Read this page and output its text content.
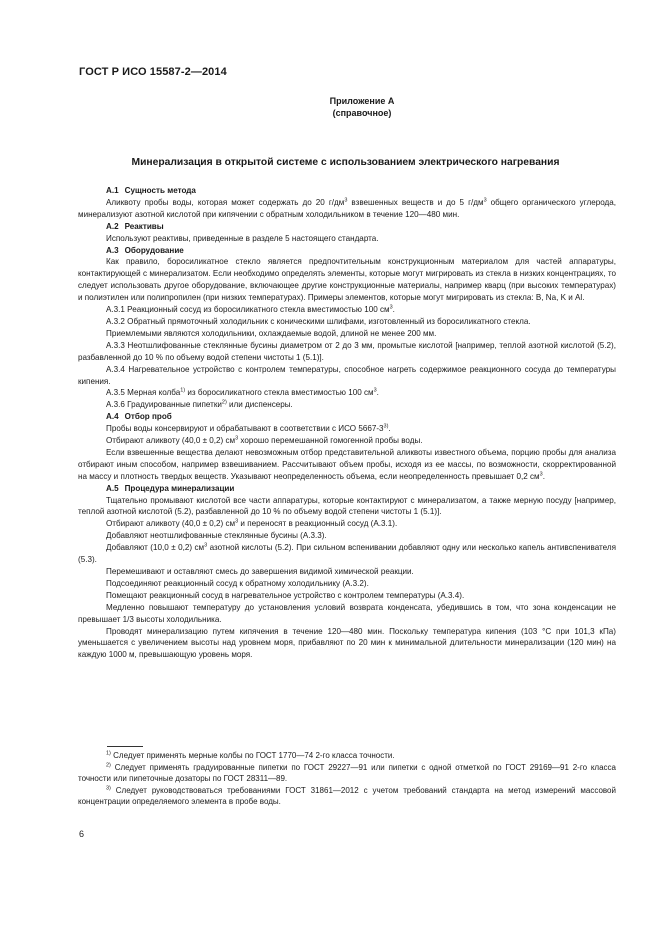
ГОСТ Р ИСО 15587-2—2014
Приложение А
(справочное)
Минерализация в открытой системе с использованием электрического нагревания

А.1 Сущность метода

Аликвоту пробы воды, которая может содержать до 20 $г/дм^3$ взвешенных веществ и до 5 $г/дм^3$ общего органического углерода, минерализуют азотной кислотой при кипячении с обратным холодильником в течение 120—480 мин.

А.2 Реактивы

Используют реактивы, приведенные в разделе 5 настоящего стандарта.

А.3 Оборудование

Как правило, боросиликатное стекло является предпочтительным конструкционным материалом для частей аппаратуры, контактирующей с минерализатом. Если необходимо определять элементы, которые могут мигрировать из стекла в низких концентрациях, то следует использовать другое оборудование, включающее другие конструкционные материалы, например кварц (при высоких температурах) и полиэтилен или полипропилен (при низких температурах). Примеры элементов, которые могут мигрировать из стекла: B, Na, K и Al.

А.3.1 Реакционный сосуд из боросиликатного стекла вместимостью 100 $см^3$.

А.3.2 Обратный прямоточный холодильник с коническими шлифами, изготовленный из боросиликатного стекла.

Приемлемыми являются холодильники, охлаждаемые водой, длиной не менее 200 мм.

А.3.3 Неотшлифованные стеклянные бусины диаметром от 2 до 3 мм, промытые кислотой [например, теплой азотной кислотой (5.2), разбавленной до 10 % по объему водой степени чистоты 1 (5.1)].

А.3.4 Нагревательное устройство с контролем температуры, способное нагреть содержимое реакционного сосуда до температуры кипения.

А.3.5 Мерная колба$^{1)}$ из боросиликатного стекла вместимостью 100 $см^3$.

А.3.6 Градуированные пипетки$^{2)}$ или диспенсеры.

А.4 Отбор проб

Пробы воды консервируют и обрабатывают в соответствии с ИСО 5667-3$^{3)}$.

Отбирают аликвоту (40,0 ± 0,2) $см^3$ хорошо перемешанной гомогенной пробы воды.

Если взвешенные вещества делают невозможным отбор представительной аликвоты известного объема, порцию пробы для анализа отбирают иным способом, например взвешиванием. Рассчитывают объем пробы, исходя из ее массы, по возможности, скорректированной на массу и плотность твердых веществ. Указывают неопределенность объема, если неопределенность превышает 0,2 $см^3$.

А.5 Процедура минерализации

Тщательно промывают кислотой все части аппаратуры, которые контактируют с минерализатом, а также мерную посуду [например, теплой азотной кислотой (5.2), разбавленной до 10 % по объему водой степени чистоты 1 (5.1)].

Отбирают аликвоту (40,0 ± 0,2) $см^3$ и переносят в реакционный сосуд (А.3.1).

Добавляют неотшлифованные стеклянные бусины (А.3.3).

Добавляют (10,0 ± 0,2) $см^3$ азотной кислоты (5.2). При сильном вспенивании добавляют одну или несколько капель антивспенивателя (5.3).

Перемешивают и оставляют смесь до завершения видимой химической реакции.

Подсоединяют реакционный сосуд к обратному холодильнику (А.3.2).

Помещают реакционный сосуд в нагревательное устройство с контролем температуры (А.3.4).

Медленно повышают температуру до установления условий возврата конденсата, убедившись в том, что зона конденсации не превышает 1/3 высоты холодильника.

Проводят минерализацию путем кипячения в течение 120—480 мин. Поскольку температура кипения (103 °С при 101,3 кПа) уменьшается с увеличением высоты над уровнем моря, прибавляют по 20 мин к минимальной длительности минерализации (120 мин) на каждую 1000 м, превышающую уровень моря.

$^{1)}$ Следует применять мерные колбы по ГОСТ 1770—74 2-го класса точности.

$^{2)}$ Следует применять градуированные пипетки по ГОСТ 29227—91 или пипетки с одной отметкой по ГОСТ 29169—91 2-го класса точности или пипеточные дозаторы по ГОСТ 28311—89.

$^{3)}$ Следует руководствоваться требованиями ГОСТ 31861—2012 с учетом требований стандарта на метод измерений массовой концентрации определяемого элемента в пробе воды.

6
